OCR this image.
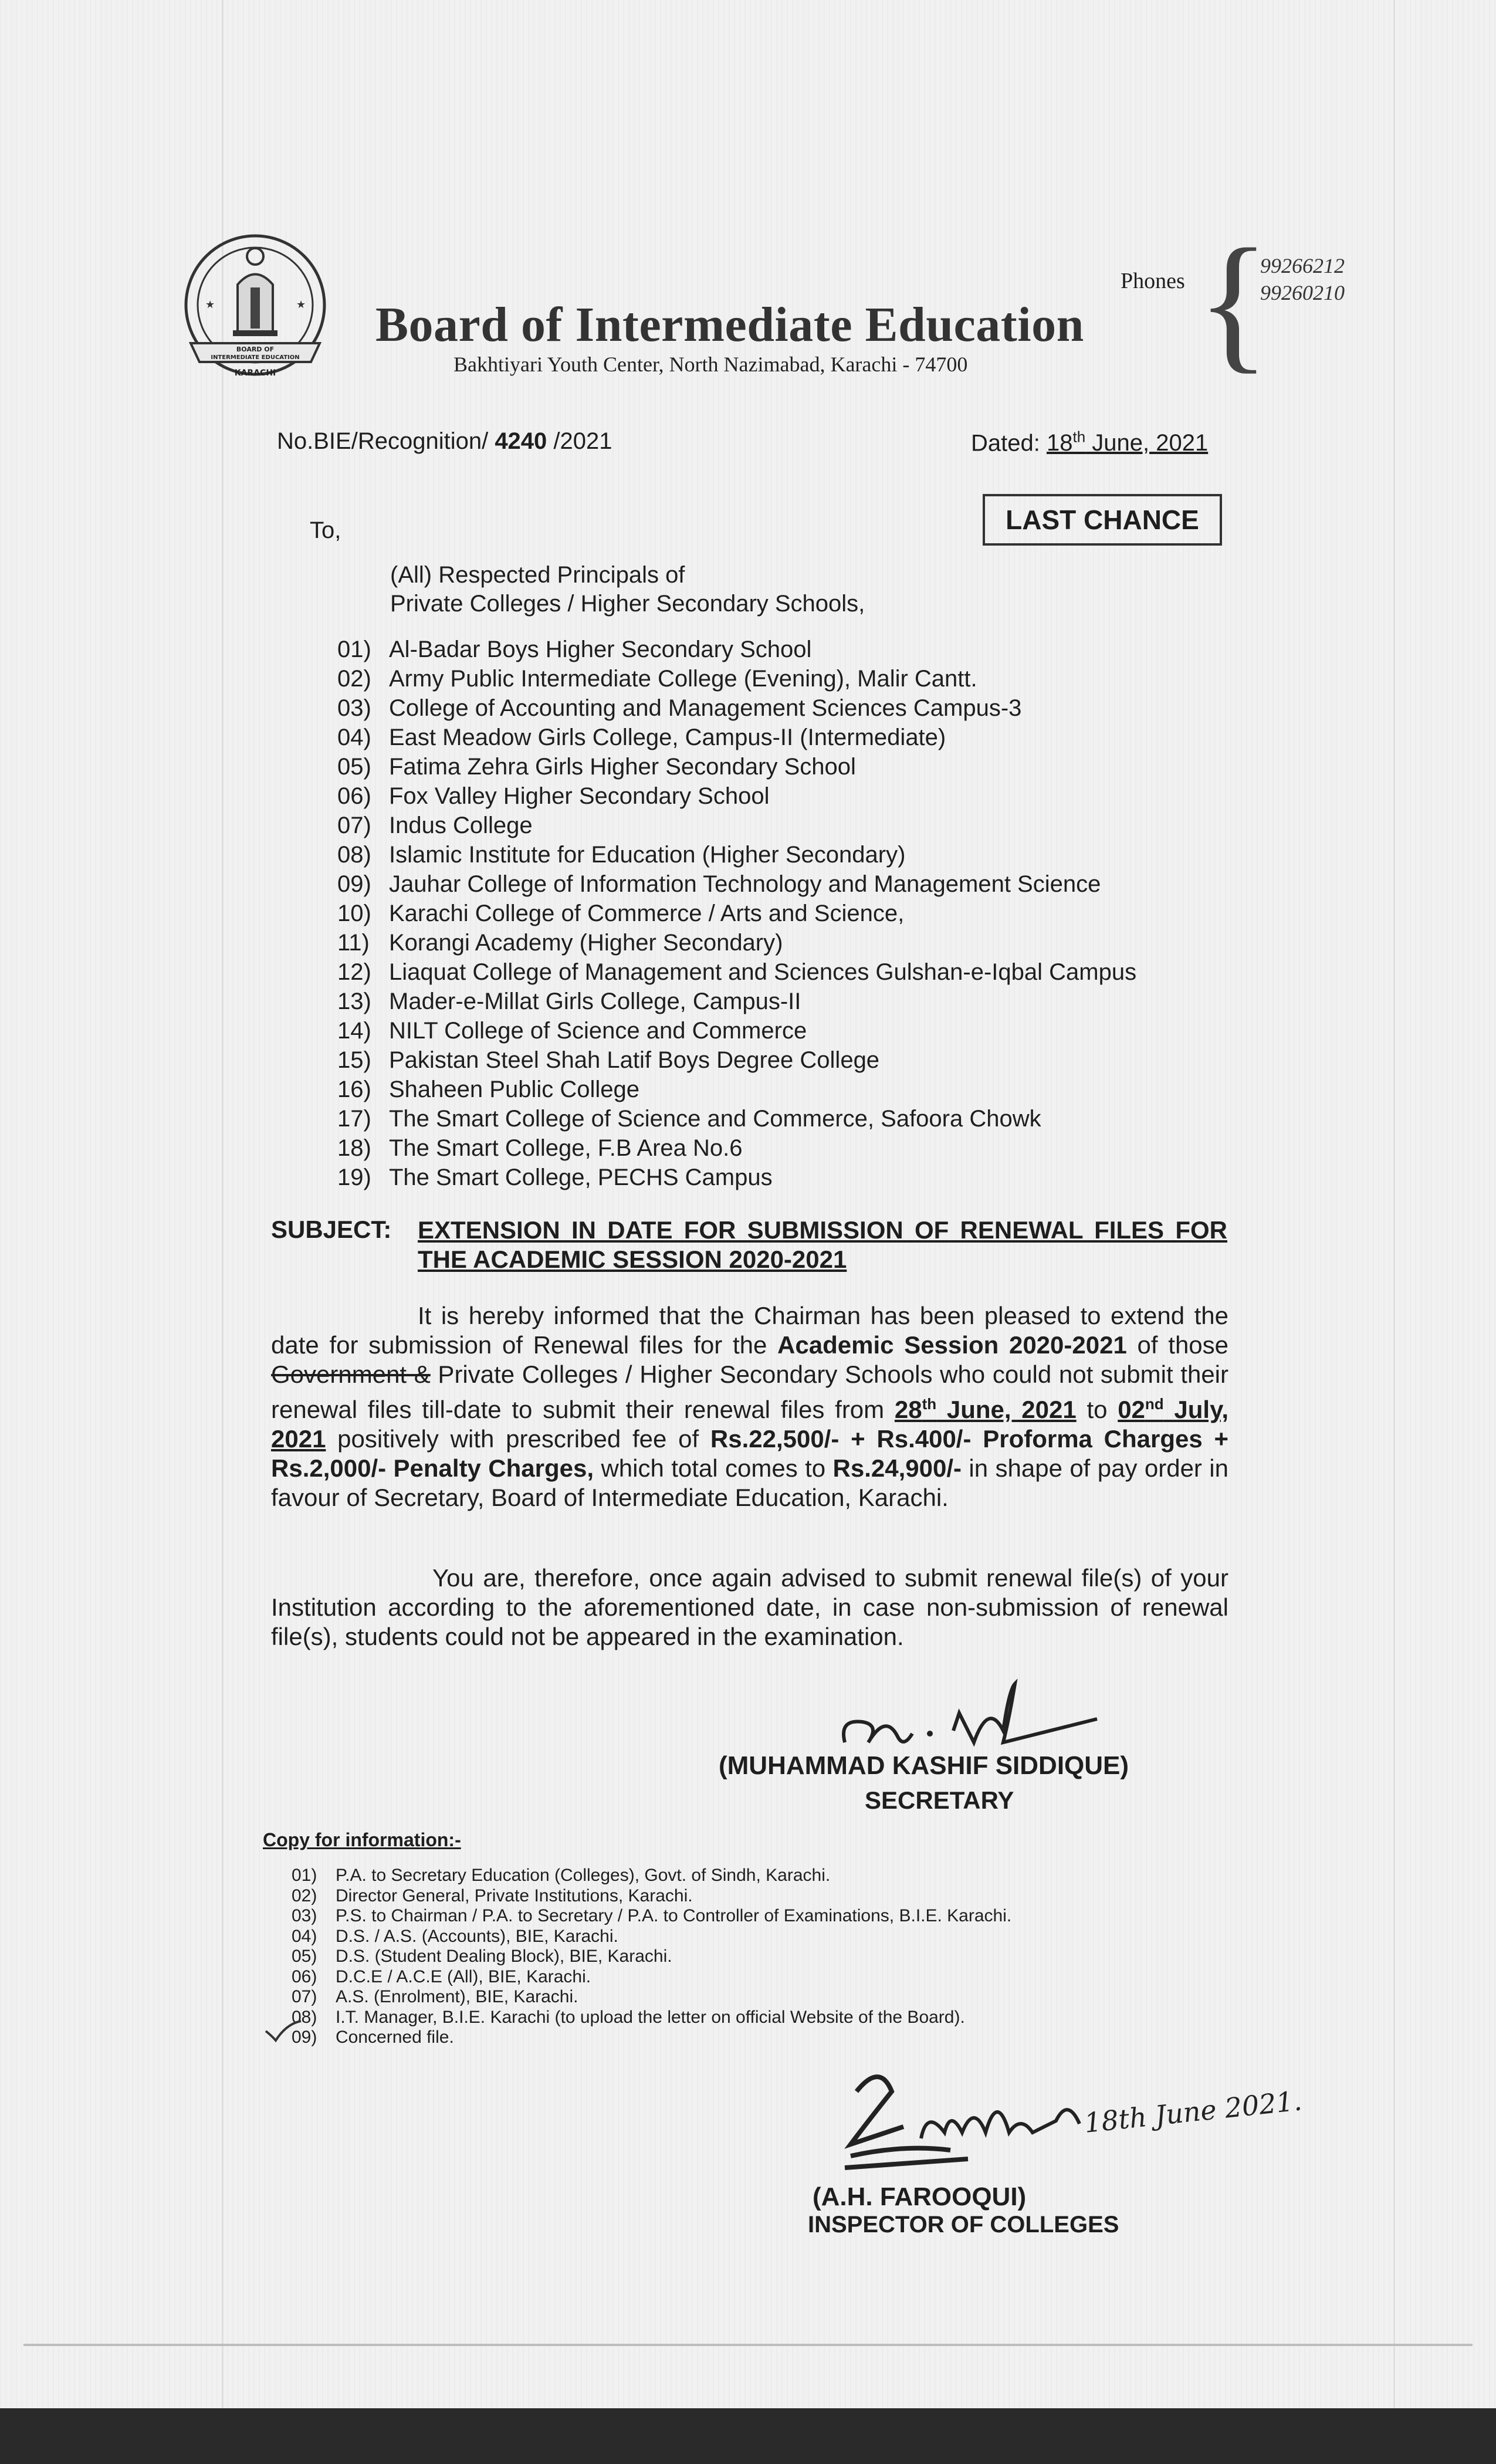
★	★
BOARD OF
INTERMEDIATE EDUCATION
KARACHI
Board of Intermediate Education
Bakhtiyari Youth Center, North Nazimabad, Karachi - 74700
Phones {
99266212
99260210
No.BIE/Recognition/ 4240 /2021	Dated: 18th June, 2021
LAST CHANCE
To,
(All) Respected Principals of
Private Colleges / Higher Secondary Schools,
01) Al-Badar Boys Higher Secondary School
02) Army Public Intermediate College (Evening), Malir Cantt.
03) College of Accounting and Management Sciences Campus-3
04) East Meadow Girls College, Campus-II (Intermediate)
05) Fatima Zehra Girls Higher Secondary School
06) Fox Valley Higher Secondary School
07) Indus College
08) Islamic Institute for Education (Higher Secondary)
09) Jauhar College of Information Technology and Management Science
10) Karachi College of Commerce / Arts and Science,
11) Korangi Academy (Higher Secondary)
12) Liaquat College of Management and Sciences Gulshan-e-Iqbal Campus
13) Mader-e-Millat Girls College, Campus-II
14) NILT College of Science and Commerce
15) Pakistan Steel Shah Latif Boys Degree College
16) Shaheen Public College
17) The Smart College of Science and Commerce, Safoora Chowk
18) The Smart College, F.B Area No.6
19) The Smart College, PECHS Campus
SUBJECT: EXTENSION IN DATE FOR SUBMISSION OF RENEWAL FILES FOR THE ACADEMIC SESSION 2020-2021

It is hereby informed that the Chairman has been pleased to extend the date for submission of Renewal files for the Academic Session 2020-2021 of those Government & Private Colleges / Higher Secondary Schools who could not submit their renewal files till-date to submit their renewal files from 28th June, 2021 to 02nd July, 2021 positively with prescribed fee of Rs.22,500/- + Rs.400/- Proforma Charges + Rs.2,000/- Penalty Charges, which total comes to Rs.24,900/- in shape of pay order in favour of Secretary, Board of Intermediate Education, Karachi.

You are, therefore, once again advised to submit renewal file(s) of your Institution according to the aforementioned date, in case non-submission of renewal file(s), students could not be appeared in the examination.

(MUHAMMAD KASHIF SIDDIQUE)
SECRETARY
Copy for information:-
01) P.A. to Secretary Education (Colleges), Govt. of Sindh, Karachi.
02) Director General, Private Institutions, Karachi.
03) P.S. to Chairman / P.A. to Secretary / P.A. to Controller of Examinations, B.I.E. Karachi.
04) D.S. / A.S. (Accounts), BIE, Karachi.
05) D.S. (Student Dealing Block), BIE, Karachi.
06) D.C.E / A.C.E (All), BIE, Karachi.
07) A.S. (Enrolment), BIE, Karachi.
08) I.T. Manager, B.I.E. Karachi (to upload the letter on official Website of the Board).
09) Concerned file.
18th June 2021.
(A.H. FAROOQUI)
INSPECTOR OF COLLEGES
